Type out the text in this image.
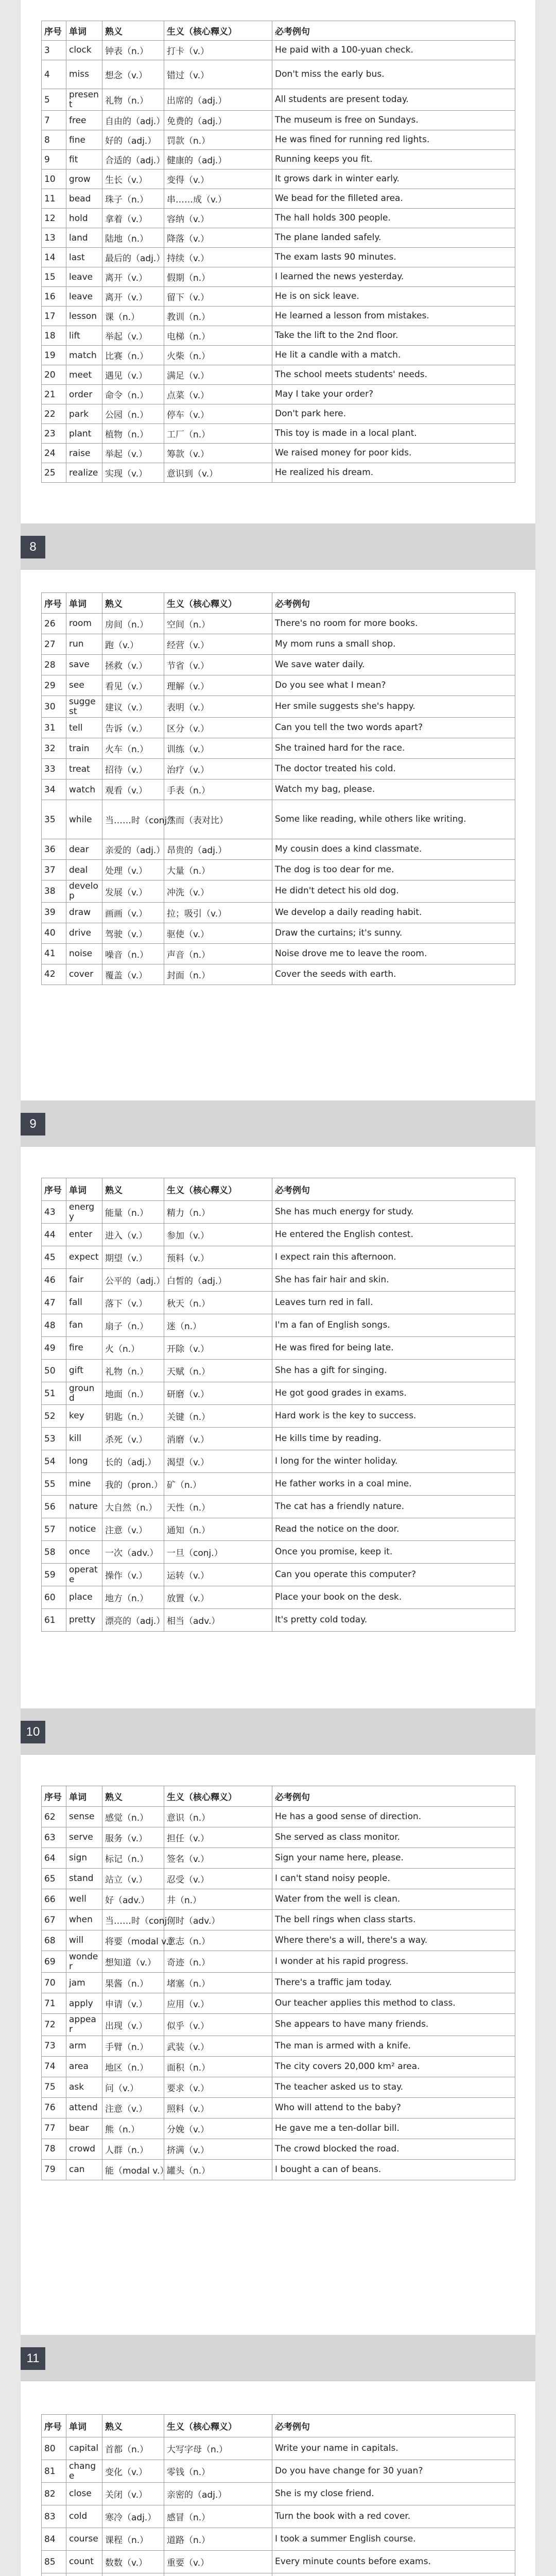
序号	单词	熟义	生义（核心釋义）	必考例句
3	clock	钟表（n.）	打卡（v.）	He paid with a 100-yuan check.
4	miss	想念（v.）	错过（v.）	Don't miss the early bus.
5	present	礼物（n.）	出席的（adj.）	All students are present today.
7	free	自由的（adj.）	免费的（adj.）	The museum is free on Sundays.
8	fine	好的（adj.）	罚款（n.）	He was fined for running red lights.
9	fit	合适的（adj.）	健康的（adj.）	Running keeps you fit.
10	grow	生长（v.）	变得（v.）	It grows dark in winter early.
11	bead	珠子（n.）	串……成（v.）	We bead for the filleted area.
12	hold	拿着（v.）	容纳（v.）	The hall holds 300 people.
13	land	陆地（n.）	降落（v.）	The plane landed safely.
14	last	最后的（adj.）	持续（v.）	The exam lasts 90 minutes.
15	leave	离开（v.）	假期（n.）	I learned the news yesterday.
16	leave	离开（v.）	留下（v.）	He is on sick leave.
17	lesson	课（n.）	教训（n.）	He learned a lesson from mistakes.
18	lift	举起（v.）	电梯（n.）	Take the lift to the 2nd floor.
19	match	比赛（n.）	火柴（n.）	He lit a candle with a match.
20	meet	遇见（v.）	满足（v.）	The school meets students' needs.
21	order	命令（n.）	点菜（v.）	May I take your order?
22	park	公园（n.）	停车（v.）	Don't park here.
23	plant	植物（n.）	工厂（n.）	This toy is made in a local plant.
24	raise	举起（v.）	筹款（v.）	We raised money for poor kids.
25	realize	实现（v.）	意识到（v.）	He realized his dream.
8
序号	单词	熟义	生义（核心釋义）	必考例句
26	room	房间（n.）	空间（n.）	There's no room for more books.
27	run	跑（v.）	经营（v.）	My mom runs a small shop.
28	save	拯救（v.）	节省（v.）	We save water daily.
29	see	看见（v.）	理解（v.）	Do you see what I mean?
30	suggest	建议（v.）	表明（v.）	Her smile suggests she's happy.
31	tell	告诉（v.）	区分（v.）	Can you tell the two words apart?
32	train	火车（n.）	训练（v.）	She trained hard for the race.
33	treat	招待（v.）	治疗（v.）	The doctor treated his cold.
34	watch	观看（v.）	手表（n.）	Watch my bag, please.
35	while	当……时（conj.）	然而（表对比）	Some like reading, while others like writing.
36	dear	亲爱的（adj.）	昂贵的（adj.）	My cousin does a kind classmate.
37	deal	处理（v.）	大量（n.）	The dog is too dear for me.
38	develop	发展（v.）	冲洗（v.）	He didn't detect his old dog.
39	draw	画画（v.）	拉；吸引（v.）	We develop a daily reading habit.
40	drive	驾驶（v.）	驱使（v.）	Draw the curtains; it's sunny.
41	noise	噪音（n.）	声音（n.）	Noise drove me to leave the room.
42	cover	覆盖（v.）	封面（n.）	Cover the seeds with earth.
9
序号	单词	熟义	生义（核心釋义）	必考例句
43	energy	能量（n.）	精力（n.）	She has much energy for study.
44	enter	进入（v.）	参加（v.）	He entered the English contest.
45	expect	期望（v.）	预料（v.）	I expect rain this afternoon.
46	fair	公平的（adj.）	白皙的（adj.）	She has fair hair and skin.
47	fall	落下（v.）	秋天（n.）	Leaves turn red in fall.
48	fan	扇子（n.）	迷（n.）	I'm a fan of English songs.
49	fire	火（n.）	开除（v.）	He was fired for being late.
50	gift	礼物（n.）	天赋（n.）	She has a gift for singing.
51	ground	地面（n.）	研磨（v.）	He got good grades in exams.
52	key	钥匙（n.）	关键（n.）	Hard work is the key to success.
53	kill	杀死（v.）	消磨（v.）	He kills time by reading.
54	long	长的（adj.）	渴望（v.）	I long for the winter holiday.
55	mine	我的（pron.）	矿（n.）	He father works in a coal mine.
56	nature	大自然（n.）	天性（n.）	The cat has a friendly nature.
57	notice	注意（v.）	通知（n.）	Read the notice on the door.
58	once	一次（adv.）	一旦（conj.）	Once you promise, keep it.
59	operate	操作（v.）	运转（v.）	Can you operate this computer?
60	place	地方（n.）	放置（v.）	Place your book on the desk.
61	pretty	漂亮的（adj.）	相当（adv.）	It's pretty cold today.
10
序号	单词	熟义	生义（核心釋义）	必考例句
62	sense	感觉（n.）	意识（n.）	He has a good sense of direction.
63	serve	服务（v.）	担任（v.）	She served as class monitor.
64	sign	标记（n.）	签名（v.）	Sign your name here, please.
65	stand	站立（v.）	忍受（v.）	I can't stand noisy people.
66	well	好（adv.）	井（n.）	Water from the well is clean.
67	when	当……时（conj.）	何时（adv.）	The bell rings when class starts.
68	will	将要（modal v.）	意志（n.）	Where there's a will, there's a way.
69	wonder	想知道（v.）	奇迹（n.）	I wonder at his rapid progress.
70	jam	果酱（n.）	堵塞（n.）	There's a traffic jam today.
71	apply	申请（v.）	应用（v.）	Our teacher applies this method to class.
72	appear	出现（v.）	似乎（v.）	She appears to have many friends.
73	arm	手臂（n.）	武装（v.）	The man is armed with a knife.
74	area	地区（n.）	面积（n.）	The city covers 20,000 km² area.
75	ask	问（v.）	要求（v.）	The teacher asked us to stay.
76	attend	注意（v.）	照料（v.）	Who will attend to the baby?
77	bear	熊（n.）	分娩（v.）	He gave me a ten-dollar bill.
78	crowd	人群（n.）	挤满（v.）	The crowd blocked the road.
79	can	能（modal v.）	罐头（n.）	I bought a can of beans.
11
序号	单词	熟义	生义（核心釋义）	必考例句
80	capital	首都（n.）	大写字母（n.）	Write your name in capitals.
81	change	变化（v.）	零钱（n.）	Do you have change for 30 yuan?
82	close	关闭（v.）	亲密的（adj.）	She is my close friend.
83	cold	寒冷（adj.）	感冒（n.）	Turn the book with a red cover.
84	course	课程（n.）	道路（n.）	I took a summer English course.
85	count	数数（v.）	重要（v.）	Every minute counts before exams.
